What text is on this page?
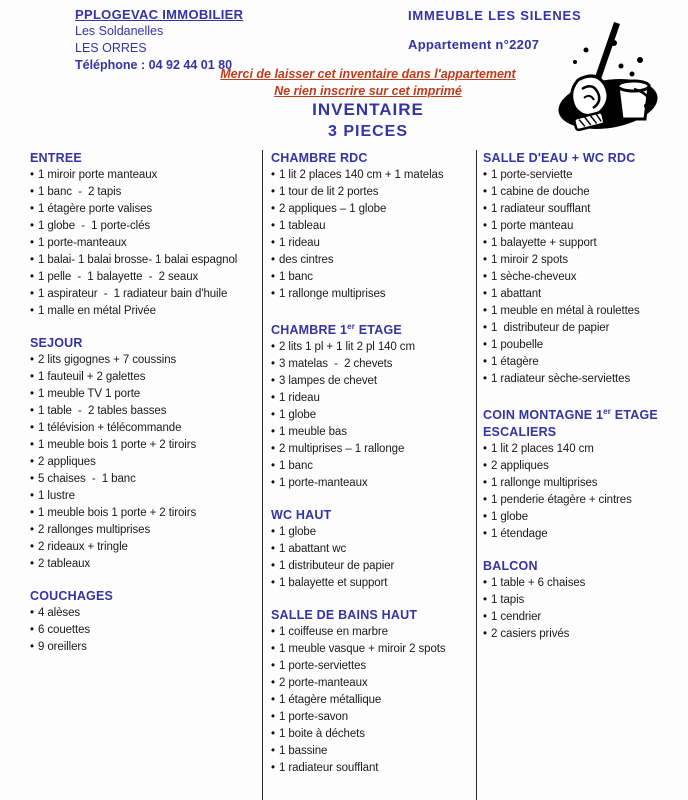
PPLOGEVAC IMMOBILIER
Les Soldanelles
LES ORRES
Téléphone : 04 92 44 01 80
IMMEUBLE LES SILENES
Appartement n°2207
Merci de laisser cet inventaire dans l'appartement
Ne rien inscrire sur cet imprimé
INVENTAIRE
3 PIECES
ENTREE
• 1 miroir porte manteaux
• 1 banc  -  2 tapis
• 1 étagère porte valises
• 1 globe  -  1 porte-clés
• 1 porte-manteaux
• 1 balai- 1 balai brosse- 1 balai espagnol
• 1 pelle  -  1 balayette  -  2 seaux
• 1 aspirateur  -  1 radiateur bain d'huile
• 1 malle en métal Privée
SEJOUR
• 2 lits gigognes + 7 coussins
• 1 fauteuil + 2 galettes
• 1 meuble TV 1 porte
• 1 table  -  2 tables basses
• 1 télévision + télécommande
• 1 meuble bois 1 porte + 2 tiroirs
• 2 appliques
• 5 chaises  -  1 banc
• 1 lustre
• 1 meuble bois 1 porte + 2 tiroirs
• 2 rallonges multiprises
• 2 rideaux + tringle
• 2 tableaux
COUCHAGES
• 4 alèses
• 6 couettes
• 9 oreillers
CHAMBRE RDC
• 1 lit 2 places 140 cm + 1 matelas
• 1 tour de lit 2 portes
• 2 appliques – 1 globe
• 1 tableau
• 1 rideau
• des cintres
• 1 banc
• 1 rallonge multiprises
CHAMBRE 1er ETAGE
• 2 lits 1 pl + 1 lit 2 pl 140 cm
• 3 matelas  -  2 chevets
• 3 lampes de chevet
• 1 rideau
• 1 globe
• 1 meuble bas
• 2 multiprises – 1 rallonge
• 1 banc
• 1 porte-manteaux
WC HAUT
• 1 globe
• 1 abattant wc
• 1 distributeur de papier
• 1 balayette et support
SALLE DE BAINS HAUT
• 1 coiffeuse en marbre
• 1 meuble vasque + miroir 2 spots
• 1 porte-serviettes
• 2 porte-manteaux
• 1 étagère métallique
• 1 porte-savon
• 1 boite à déchets
• 1 bassine
• 1 radiateur soufflant
SALLE D'EAU + WC RDC
• 1 porte-serviette
• 1 cabine de douche
• 1 radiateur soufflant
• 1 porte manteau
• 1 balayette + support
• 1 miroir 2 spots
• 1 sèche-cheveux
• 1 abattant
• 1 meuble en métal à roulettes
• 1  distributeur de papier
• 1 poubelle
• 1 étagère
• 1 radiateur sèche-serviettes
COIN MONTAGNE 1er ETAGE
ESCALIERS
• 1 lit 2 places 140 cm
• 2 appliques
• 1 rallonge multiprises
• 1 penderie étagère + cintres
• 1 globe
• 1 étendage
BALCON
• 1 table + 6 chaises
• 1 tapis
• 1 cendrier
• 2 casiers privés
